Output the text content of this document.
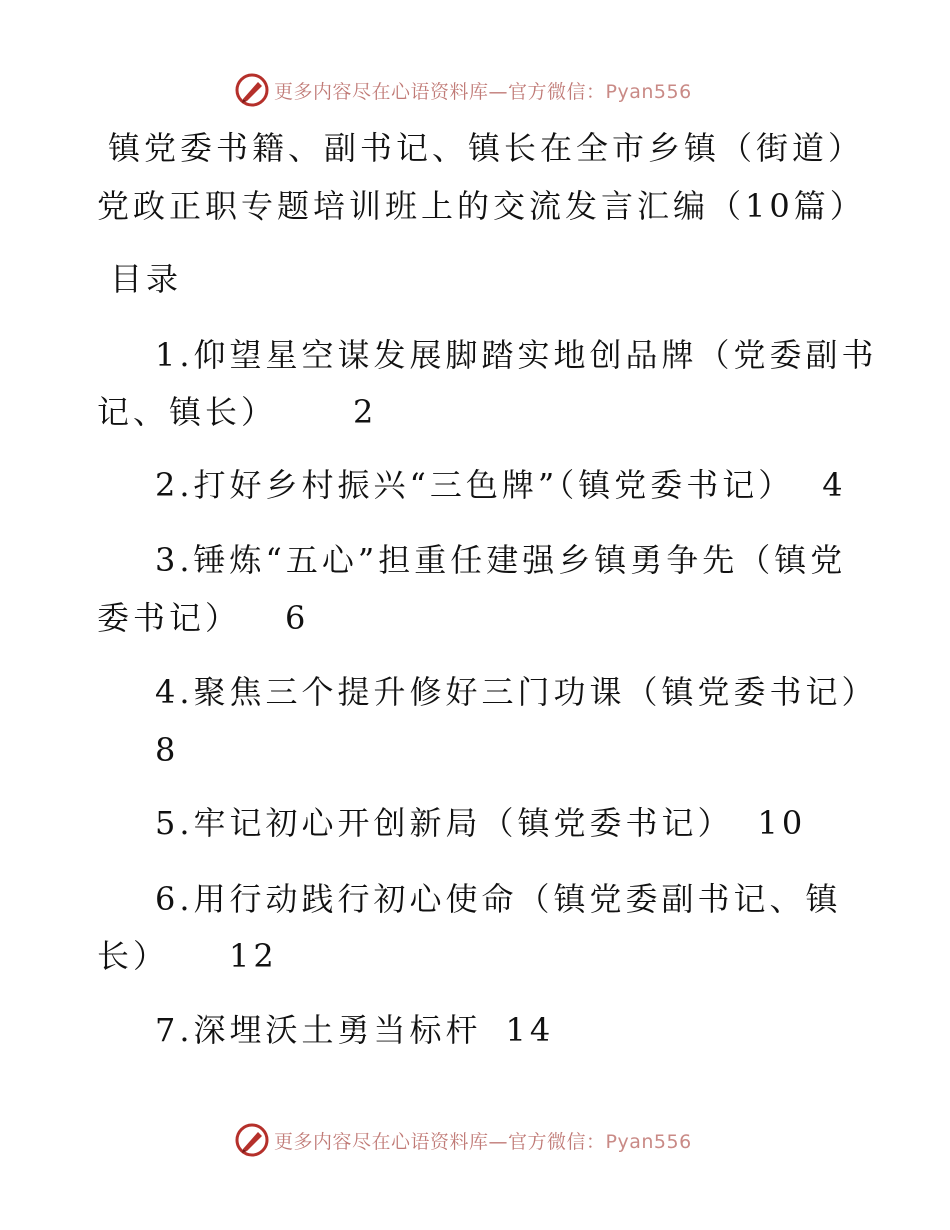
更多内容尽在心语资料库—官方微信：Pyan556
镇党委书籍、副书记、镇长在全市乡镇（街道）
党政正职专题培训班上的交流发言汇编（10篇）
目录
1.仰望星空谋发展脚踏实地创品牌（党委副书
记、镇长） 2
2.打好乡村振兴“三色牌”（镇党委书记） 4
3.锤炼“五心”担重任建强乡镇勇争先（镇党
委书记） 6
4.聚焦三个提升修好三门功课（镇党委书记）
8
5.牢记初心开创新局（镇党委书记） 10
6.用行动践行初心使命（镇党委副书记、镇
长） 12
7.深埋沃土勇当标杆 14
更多内容尽在心语资料库—官方微信：Pyan556
